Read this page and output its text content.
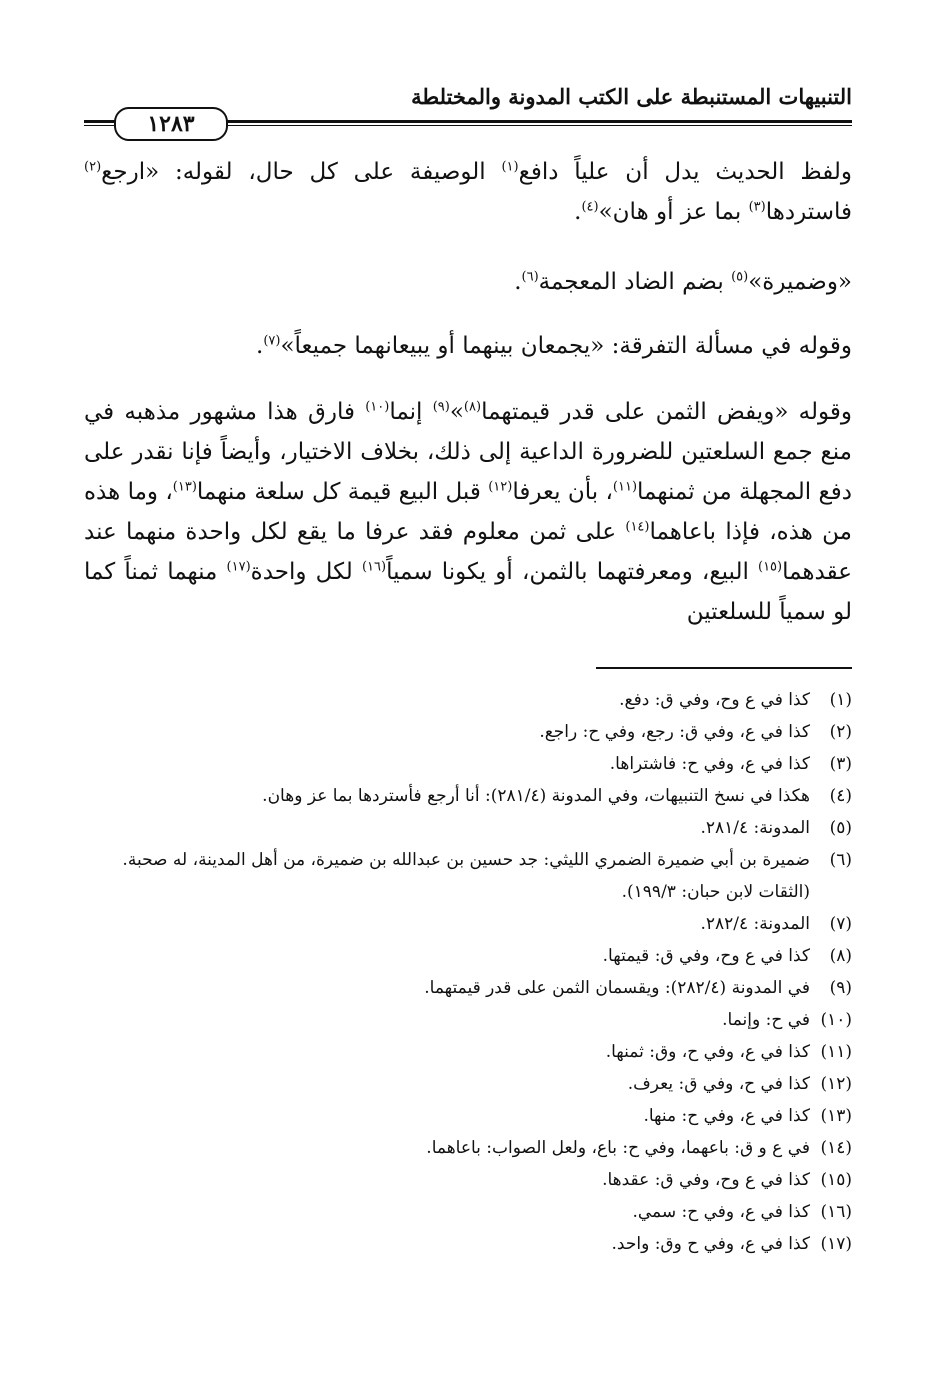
التنبيهات المستنبطة على الكتب المدونة والمختلطة
١٢٨٣

ولفظ الحديث يدل أن علياً دافع$^{(١)}$ الوصيفة على كل حال، لقوله: «ارجع$^{(٢)}$ فاستردها$^{(٣)}$ بما عز أو هان»$^{(٤)}$.

«وضميرة»$^{(٥)}$ بضم الضاد المعجمة$^{(٦)}$.

وقوله في مسألة التفرقة: «يجمعان بينهما أو يبيعانهما جميعاً»$^{(٧)}$.

وقوله «ويفض الثمن على قدر قيمتهما$^{(٨)}$»$^{(٩)}$ إنما$^{(١٠)}$ فارق هذا مشهور مذهبه في منع جمع السلعتين للضرورة الداعية إلى ذلك، بخلاف الاختيار، وأيضاً فإنا نقدر على دفع المجهلة من ثمنهما$^{(١١)}$، بأن يعرفا$^{(١٢)}$ قبل البيع قيمة كل سلعة منهما$^{(١٣)}$، وما هذه من هذه، فإذا باعاهما$^{(١٤)}$ على ثمن معلوم فقد عرفا ما يقع لكل واحدة منهما عند عقدهما$^{(١٥)}$ البيع، ومعرفتهما بالثمن، أو يكونا سمياً$^{(١٦)}$ لكل واحدة$^{(١٧)}$ منهما ثمناً كما لو سمياً للسلعتين

(١)
كذا في ع وح، وفي ق: دفع.
(٢)
كذا في ع، وفي ق: رجع، وفي ح: راجع.
(٣)
كذا في ع، وفي ح: فاشتراها.
(٤)
هكذا في نسخ التنبيهات، وفي المدونة (٢٨١/٤): أنا أرجع فأستردها بما عز وهان.
(٥)
المدونة: ٢٨١/٤.
(٦)
ضميرة بن أبي ضميرة الضمري الليثي: جد حسين بن عبدالله بن ضميرة، من أهل المدينة، له صحبة. (الثقات لابن حبان: ١٩٩/٣).
(٧)
المدونة: ٢٨٢/٤.
(٨)
كذا في ع وح، وفي ق: قيمتها.
(٩)
في المدونة (٢٨٢/٤): ويقسمان الثمن على قدر قيمتهما.
(١٠)
في ح: وإنما.
(١١)
كذا في ع، وفي ح، وق: ثمنها.
(١٢)
كذا في ح، وفي ق: يعرف.
(١٣)
كذا في ع، وفي ح: منها.
(١٤)
في ع و ق: باعهما، وفي ح: باع، ولعل الصواب: باعاهما.
(١٥)
كذا في ع وح، وفي ق: عقدها.
(١٦)
كذا في ع، وفي ح: سمي.
(١٧)
كذا في ع، وفي ح وق: واحد.
